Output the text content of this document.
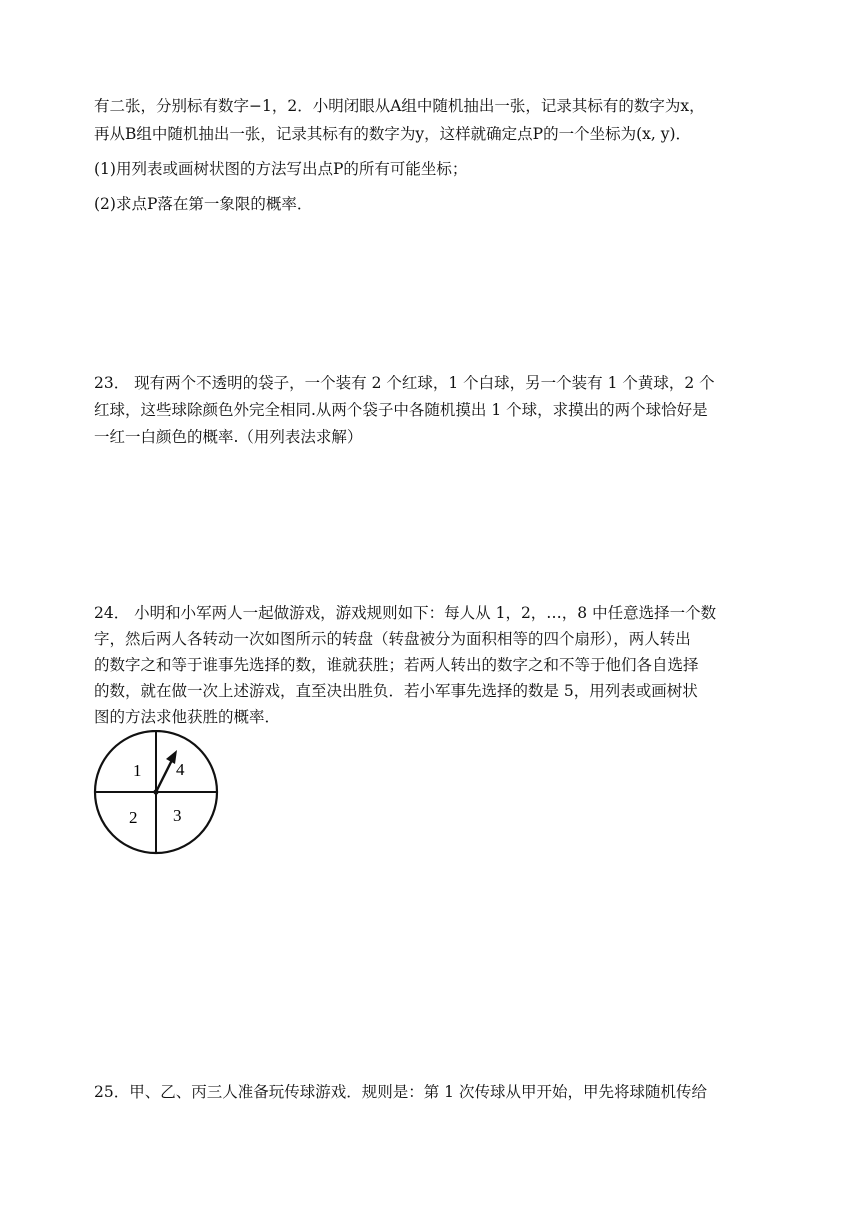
有二张，分别标有数字−1，2．小明闭眼从A组中随机抽出一张，记录其标有的数字为x，
再从B组中随机抽出一张，记录其标有的数字为y，这样就确定点P的一个坐标为(x, y)．
(1)用列表或画树状图的方法写出点P的所有可能坐标；
(2)求点P落在第一象限的概率．
23． 现有两个不透明的袋子，一个装有 2 个红球，1 个白球，另一个装有 1 个黄球，2 个
红球，这些球除颜色外完全相同.从两个袋子中各随机摸出 1 个球，求摸出的两个球恰好是
一红一白颜色的概率.（用列表法求解）
24． 小明和小军两人一起做游戏，游戏规则如下：每人从 1，2，…，8 中任意选择一个数
字，然后两人各转动一次如图所示的转盘（转盘被分为面积相等的四个扇形），两人转出
的数字之和等于谁事先选择的数，谁就获胜；若两人转出的数字之和不等于他们各自选择
的数，就在做一次上述游戏，直至决出胜负．若小军事先选择的数是 5，用列表或画树状
图的方法求他获胜的概率．
1 4
2 3
25．甲、乙、丙三人准备玩传球游戏．规则是：第 1 次传球从甲开始，甲先将球随机传给
